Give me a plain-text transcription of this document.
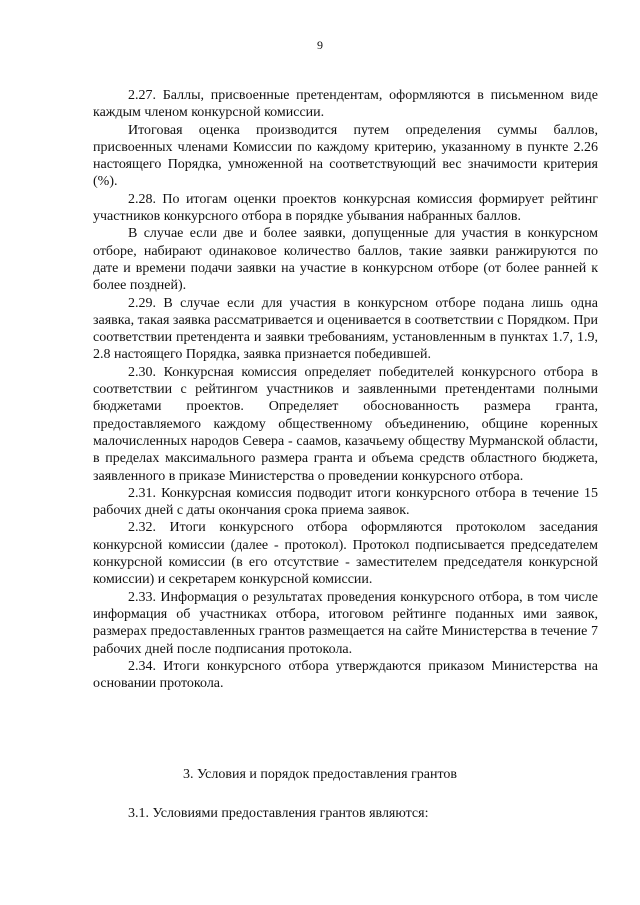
9

2.27. Баллы, присвоенные претендентам, оформляются в письменном виде каждым членом конкурсной комиссии.

Итоговая оценка производится путем определения суммы баллов, присвоенных членами Комиссии по каждому критерию, указанному в пункте 2.26 настоящего Порядка, умноженной на соответствующий вес значимости критерия (%).

2.28. По итогам оценки проектов конкурсная комиссия формирует рейтинг участников конкурсного отбора в порядке убывания набранных баллов.

В случае если две и более заявки, допущенные для участия в конкурсном отборе, набирают одинаковое количество баллов, такие заявки ранжируются по дате и времени подачи заявки на участие в конкурсном отборе (от более ранней к более поздней).

2.29. В случае если для участия в конкурсном отборе подана лишь одна заявка, такая заявка рассматривается и оценивается в соответствии с Порядком. При соответствии претендента и заявки требованиям, установленным в пунктах 1.7, 1.9, 2.8 настоящего Порядка, заявка признается победившей.

2.30. Конкурсная комиссия определяет победителей конкурсного отбора в соответствии с рейтингом участников и заявленными претендентами полными бюджетами проектов. Определяет обоснованность размера гранта, предоставляемого каждому общественному объединению, общине коренных малочисленных народов Севера - саамов, казачьему обществу Мурманской области, в пределах максимального размера гранта и объема средств областного бюджета, заявленного в приказе Министерства о проведении конкурсного отбора.

2.31. Конкурсная комиссия подводит итоги конкурсного отбора в течение 15 рабочих дней с даты окончания срока приема заявок.

2.32. Итоги конкурсного отбора оформляются протоколом заседания конкурсной комиссии (далее - протокол). Протокол подписывается председателем конкурсной комиссии (в его отсутствие - заместителем председателя конкурсной комиссии) и секретарем конкурсной комиссии.

2.33. Информация о результатах проведения конкурсного отбора, в том числе информация об участниках отбора, итоговом рейтинге поданных ими заявок, размерах предоставленных грантов размещается на сайте Министерства в течение 7 рабочих дней после подписания протокола.

2.34. Итоги конкурсного отбора утверждаются приказом Министерства на основании протокола.

3. Условия и порядок предоставления грантов
3.1. Условиями предоставления грантов являются:
